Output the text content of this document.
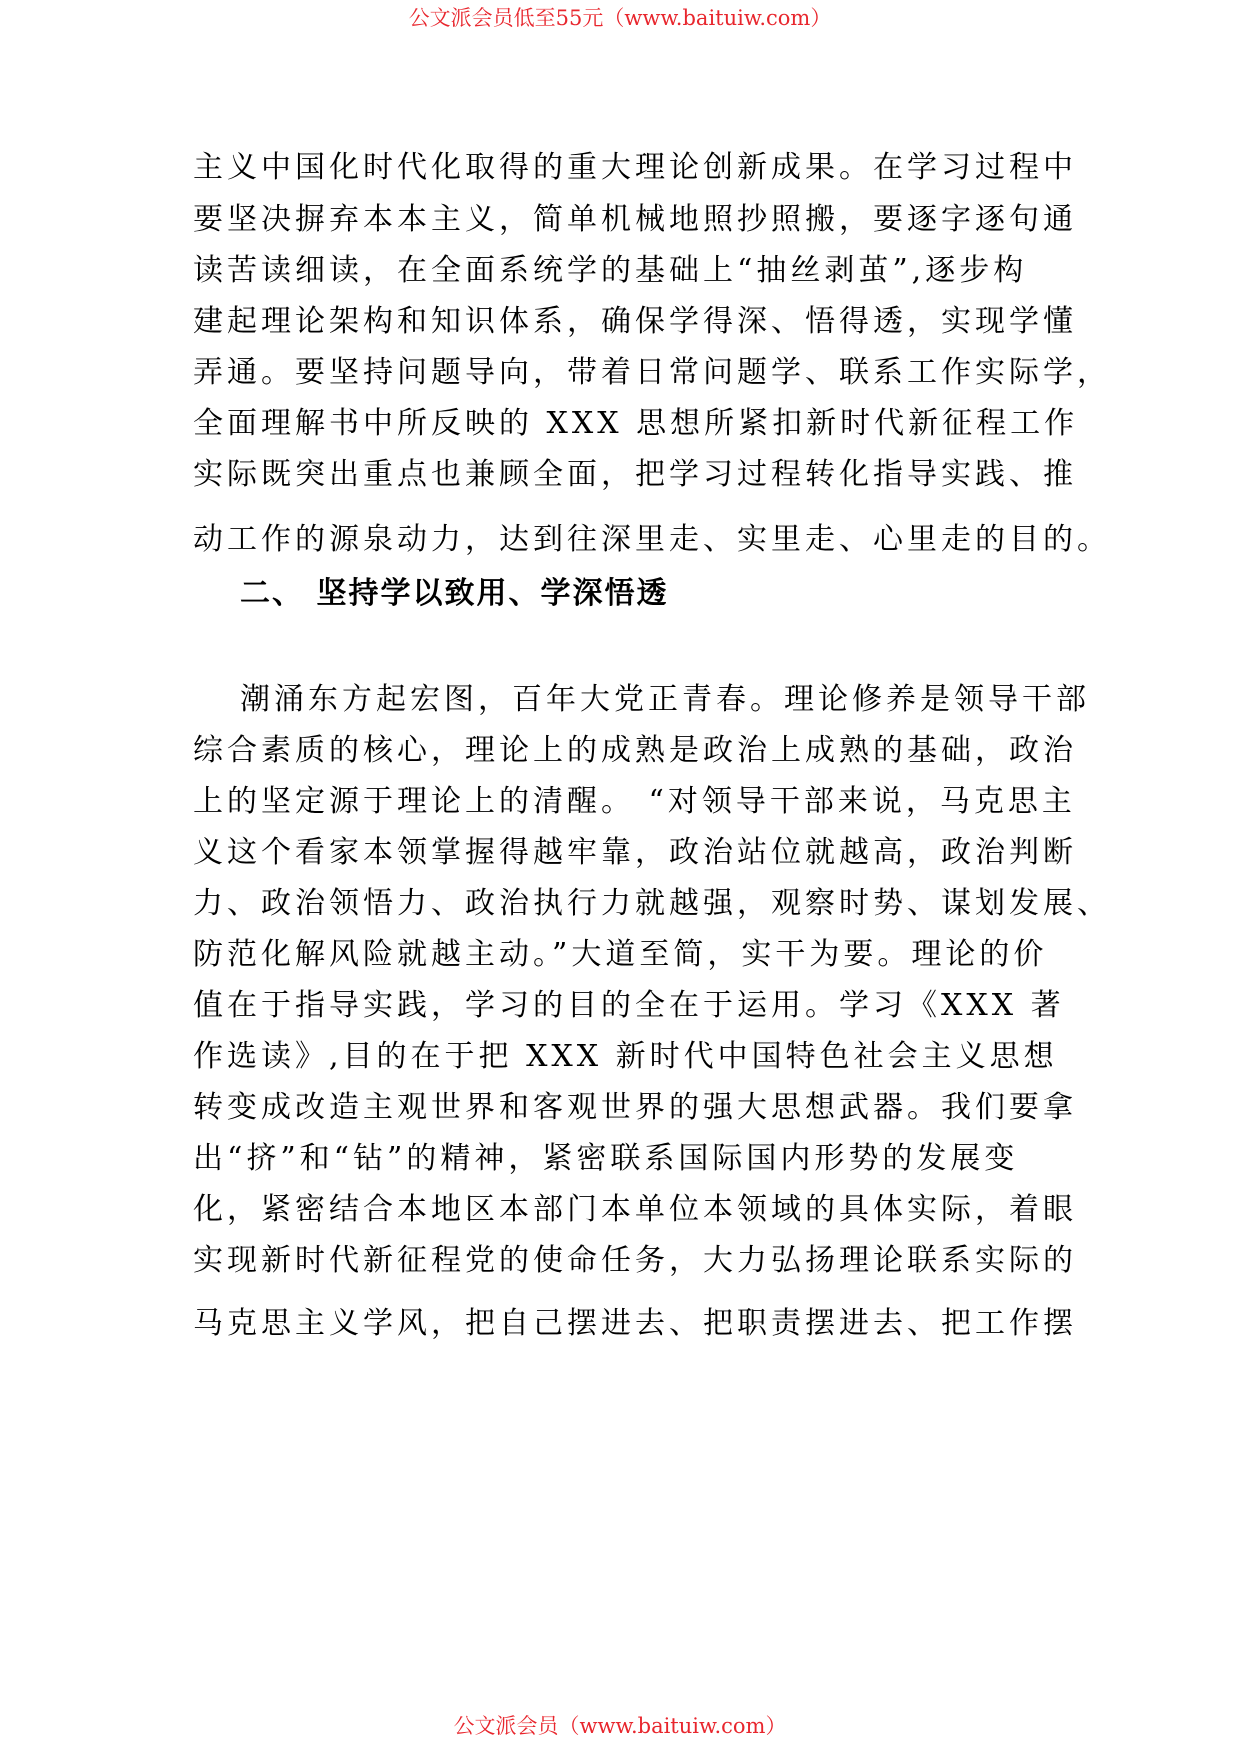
公文派会员低至55元（www.baituiw.com）
主义中国化时代化取得的重大理论创新成果。在学习过程中
要坚决摒弃本本主义，简单机械地照抄照搬，要逐字逐句通
读苦读细读，在全面系统学的基础上“抽丝剥茧”,逐步构
建起理论架构和知识体系，确保学得深、悟得透，实现学懂
弄通。要坚持问题导向，带着日常问题学、联系工作实际学，
全面理解书中所反映的 XXX 思想所紧扣新时代新征程工作
实际既突出重点也兼顾全面，把学习过程转化指导实践、推
动工作的源泉动力，达到往深里走、实里走、心里走的目的。
二、 坚持学以致用、学深悟透
潮涌东方起宏图，百年大党正青春。理论修养是领导干部
综合素质的核心，理论上的成熟是政治上成熟的基础，政治
上的坚定源于理论上的清醒。 “对领导干部来说，马克思主
义这个看家本领掌握得越牢靠，政治站位就越高，政治判断
力、政治领悟力、政治执行力就越强，观察时势、谋划发展、
防范化解风险就越主动。”大道至简，实干为要。理论的价
值在于指导实践，学习的目的全在于运用。学习《XXX 著
作选读》,目的在于把 XXX 新时代中国特色社会主义思想
转变成改造主观世界和客观世界的强大思想武器。我们要拿
出“挤”和“钻”的精神，紧密联系国际国内形势的发展变
化，紧密结合本地区本部门本单位本领域的具体实际，着眼
实现新时代新征程党的使命任务，大力弘扬理论联系实际的
马克思主义学风，把自己摆进去、把职责摆进去、把工作摆
公文派会员（www.baituiw.com）
